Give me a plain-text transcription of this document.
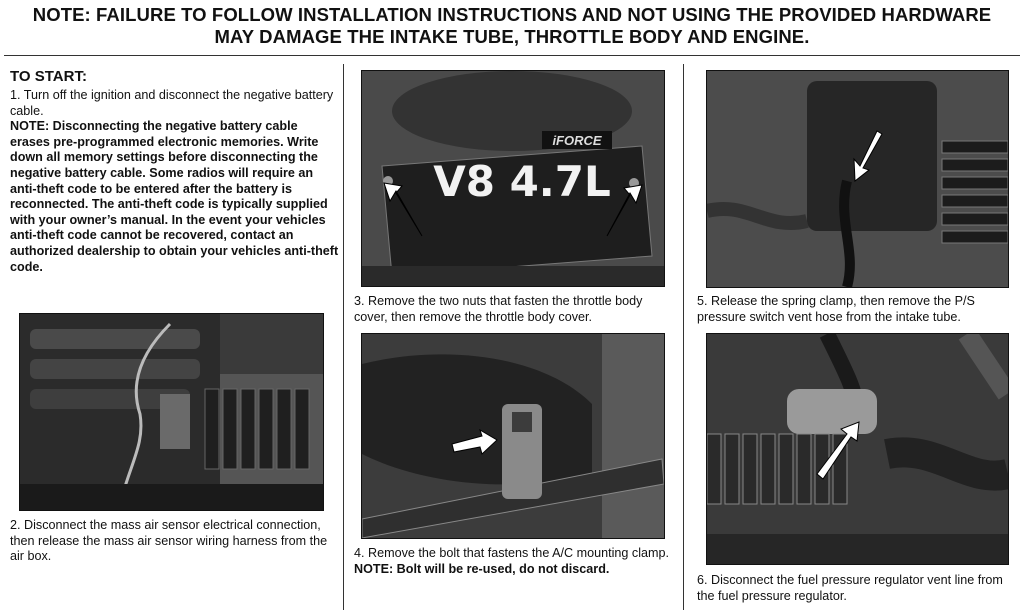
NOTE: FAILURE TO FOLLOW INSTALLATION INSTRUCTIONS AND NOT USING THE PROVIDED HARDWARE
MAY DAMAGE THE INTAKE TUBE, THROTTLE BODY AND ENGINE.
TO START:

1. Turn off the ignition and disconnect the negative battery cable.

NOTE: Disconnecting the negative battery cable erases pre-programmed electronic memories. Write down all memory settings before disconnecting the negative battery cable. Some radios will require an anti-theft code to be entered after the battery is reconnected. The anti-theft code is typically supplied with your owner’s manual. In the event your vehicles anti-theft code cannot be recovered, contact an authorized dealership to obtain your vehicles anti-theft code.

2. Disconnect the mass air sensor electrical connection, then release the mass air sensor wiring harness from the air box.
iFORCE
V8 4.7L
3. Remove the two nuts that fasten the throttle body cover, then remove the throttle body cover.
4. Remove the bolt that fastens the A/C mounting clamp.
NOTE: Bolt will be re-used, do not discard.
5. Release the spring clamp, then remove the P/S pressure switch vent hose from the intake tube.
6. Disconnect the fuel pressure regulator vent line from the fuel pressure regulator.
